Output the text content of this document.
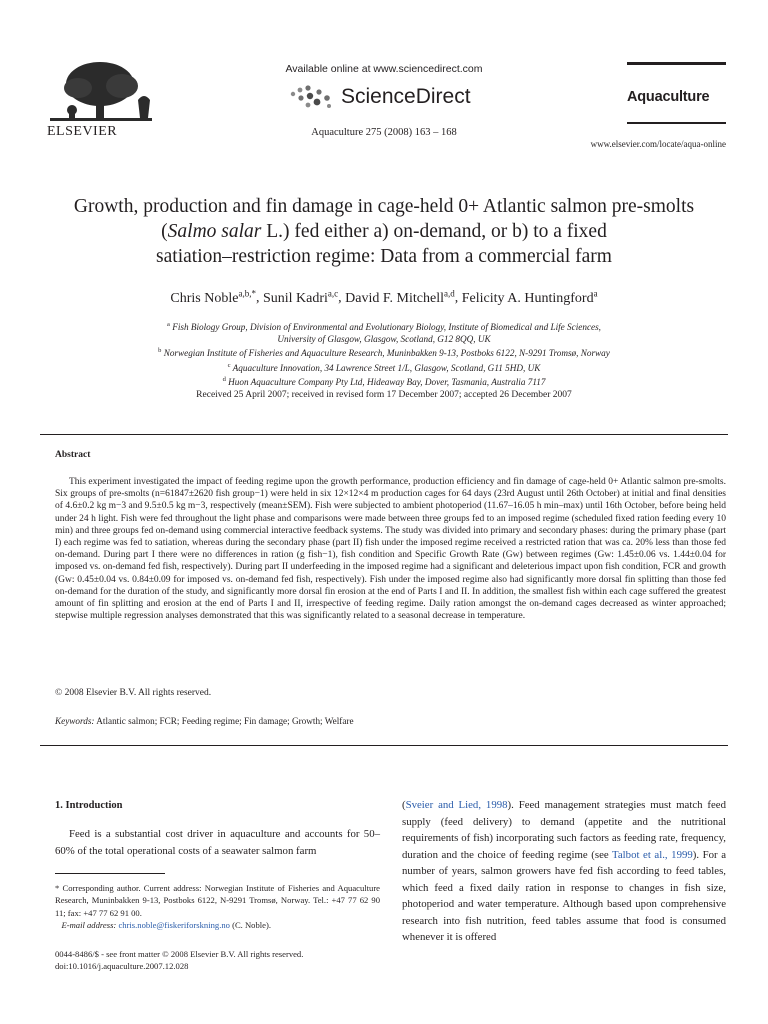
ELSEVIER
Available online at www.sciencedirect.com
ScienceDirect
Aquaculture 275 (2008) 163 – 168
Aquaculture
www.elsevier.com/locate/aqua-online
Growth, production and fin damage in cage-held 0+ Atlantic salmon pre-smolts
(Salmo salar L.) fed either a) on-demand, or b) to a fixed
satiation–restriction regime: Data from a commercial farm
Chris Noble$^{a,b,*}$, Sunil Kadri$^{a,c}$, David F. Mitchell$^{a,d}$, Felicity A. Huntingford$^a$
$^a$ Fish Biology Group, Division of Environmental and Evolutionary Biology, Institute of Biomedical and Life Sciences,
University of Glasgow, Glasgow, Scotland, G12 8QQ, UK
$^b$ Norwegian Institute of Fisheries and Aquaculture Research, Muninbakken 9-13, Postboks 6122, N-9291 Tromsø, Norway
$^c$ Aquaculture Innovation, 34 Lawrence Street 1/L, Glasgow, Scotland, G11 5HD, UK
$^d$ Huon Aquaculture Company Pty Ltd, Hideaway Bay, Dover, Tasmania, Australia 7117
Received 25 April 2007; received in revised form 17 December 2007; accepted 26 December 2007
Abstract

This experiment investigated the impact of feeding regime upon the growth performance, production efficiency and fin damage of cage-held 0+ Atlantic salmon pre-smolts. Six groups of pre-smolts (n=61847±2620 fish group−1) were held in six 12×12×4 m production cages for 64 days (23rd August until 26th October) at initial and final densities of 4.6±0.2 kg m−3 and 9.5±0.5 kg m−3, respectively (mean±SEM). Fish were subjected to ambient photoperiod (11.67–16.05 h min–max) until 16th October, before being held under 24 h light. Fish were fed throughout the light phase and comparisons were made between three groups fed to an imposed regime (scheduled fixed ration feeding every 10 min) and three groups fed on-demand using commercial interactive feedback systems. The study was divided into primary and secondary phases: during the primary phase (part I) each regime was fed to satiation, whereas during the secondary phase (part II) fish under the imposed regime received a restricted ration that was ca. 20% less than those fed on-demand. During part I there were no differences in ration (g fish−1), fish condition and Specific Growth Rate (Gw) between regimes (Gw: 1.45±0.06 vs. 1.44±0.04 for imposed vs. on-demand fed fish, respectively). During part II underfeeding in the imposed regime had a significant and deleterious impact upon fish condition, FCR and growth (Gw: 0.45±0.04 vs. 0.84±0.09 for imposed vs. on-demand fed fish, respectively). Fish under the imposed regime also had significantly more dorsal fin splitting than those fed on-demand for the duration of the study, and significantly more dorsal fin erosion at the end of Parts I and II. In addition, the smallest fish within each cage suffered the greatest amount of fin splitting and erosion at the end of Parts I and II, irrespective of feeding regime. Daily ration amongst the on-demand cages decreased as winter approached; stepwise multiple regression analyses demonstrated that this was significantly related to a seasonal decrease in temperature.

© 2008 Elsevier B.V. All rights reserved.
Keywords: Atlantic salmon; FCR; Feeding regime; Fin damage; Growth; Welfare
1. Introduction

Feed is a substantial cost driver in aquaculture and accounts for 50–60% of the total operational costs of a seawater salmon farm

* Corresponding author. Current address: Norwegian Institute of Fisheries and Aquaculture Research, Muninbakken 9-13, Postboks 6122, N-9291 Tromsø, Norway. Tel.: +47 77 62 90 11; fax: +47 77 62 91 00.

E-mail address: chris.noble@fiskeriforskning.no (C. Noble).

0044-8486/$ - see front matter © 2008 Elsevier B.V. All rights reserved.
doi:10.1016/j.aquaculture.2007.12.028

(Sveier and Lied, 1998). Feed management strategies must match feed supply (feed delivery) to demand (appetite and the nutritional requirements of fish) incorporating such factors as feeding rate, frequency, duration and the choice of feeding regime (see Talbot et al., 1999). For a number of years, salmon growers have fed fish according to feed tables, which feed a fixed daily ration in response to changes in fish size, photoperiod and water temperature. Although based upon comprehensive research into fish nutrition, feed tables assume that food is consumed whenever it is offered
